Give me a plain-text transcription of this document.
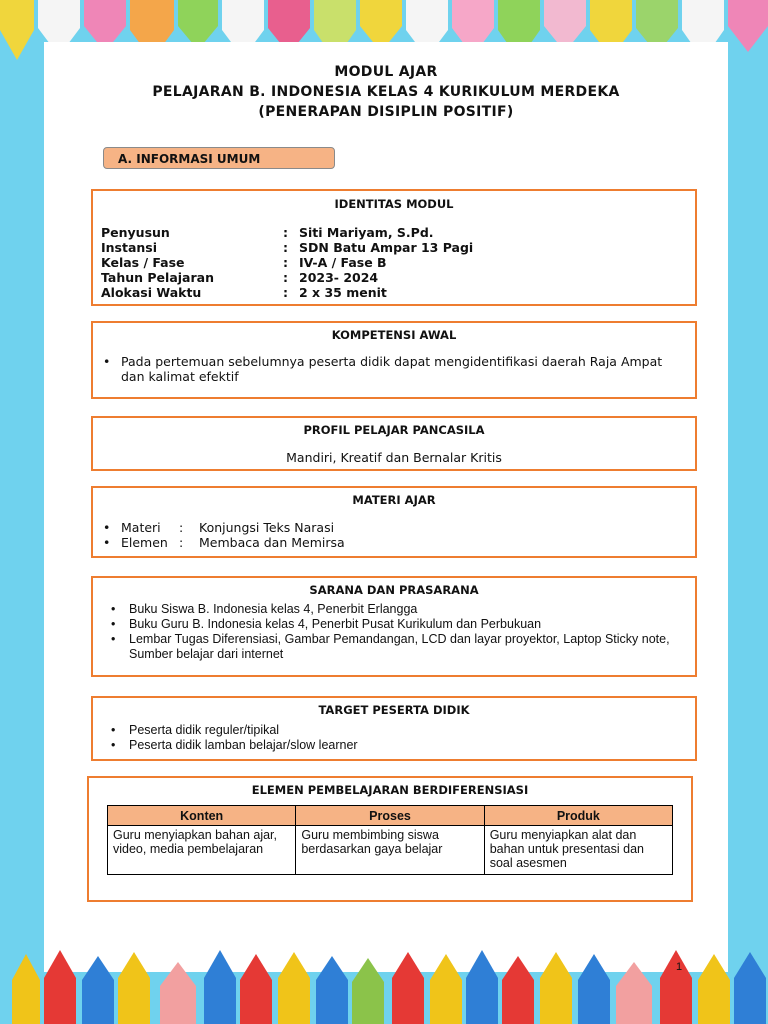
MODUL AJAR
PELAJARAN B. INDONESIA KELAS 4 KURIKULUM MERDEKA
(PENERAPAN DISIPLIN POSITIF)
A. INFORMASI UMUM
IDENTITAS MODUL
Penyusun	: Siti Mariyam, S.Pd.
Instansi	: SDN Batu Ampar 13 Pagi
Kelas / Fase	: IV-A / Fase B
Tahun Pelajaran	: 2023- 2024
Alokasi Waktu	: 2 x 35 menit
KOMPETENSI AWAL
• Pada pertemuan sebelumnya peserta didik dapat mengidentifikasi daerah Raja Ampat dan kalimat efektif
PROFIL PELAJAR PANCASILA
Mandiri, Kreatif dan Bernalar Kritis
MATERI AJAR
• Materi	:	Konjungsi Teks Narasi
• Elemen :	Membaca dan Memirsa
SARANA DAN PRASARANA
• Buku Siswa B. Indonesia kelas 4, Penerbit Erlangga
• Buku Guru B. Indonesia kelas 4, Penerbit Pusat Kurikulum dan Perbukuan
• Lembar Tugas Diferensiasi, Gambar Pemandangan, LCD dan layar proyektor, Laptop Sticky note, Sumber belajar dari internet
TARGET PESERTA DIDIK
• Peserta didik reguler/tipikal
• Peserta didik lamban belajar/slow learner
ELEMEN PEMBELAJARAN BERDIFERENSIASI
Konten	Proses	Produk
Guru menyiapkan bahan ajar, video, media pembelajaran	Guru membimbing siswa berdasarkan gaya belajar	Guru menyiapkan alat dan bahan untuk presentasi dan soal asesmen
1
